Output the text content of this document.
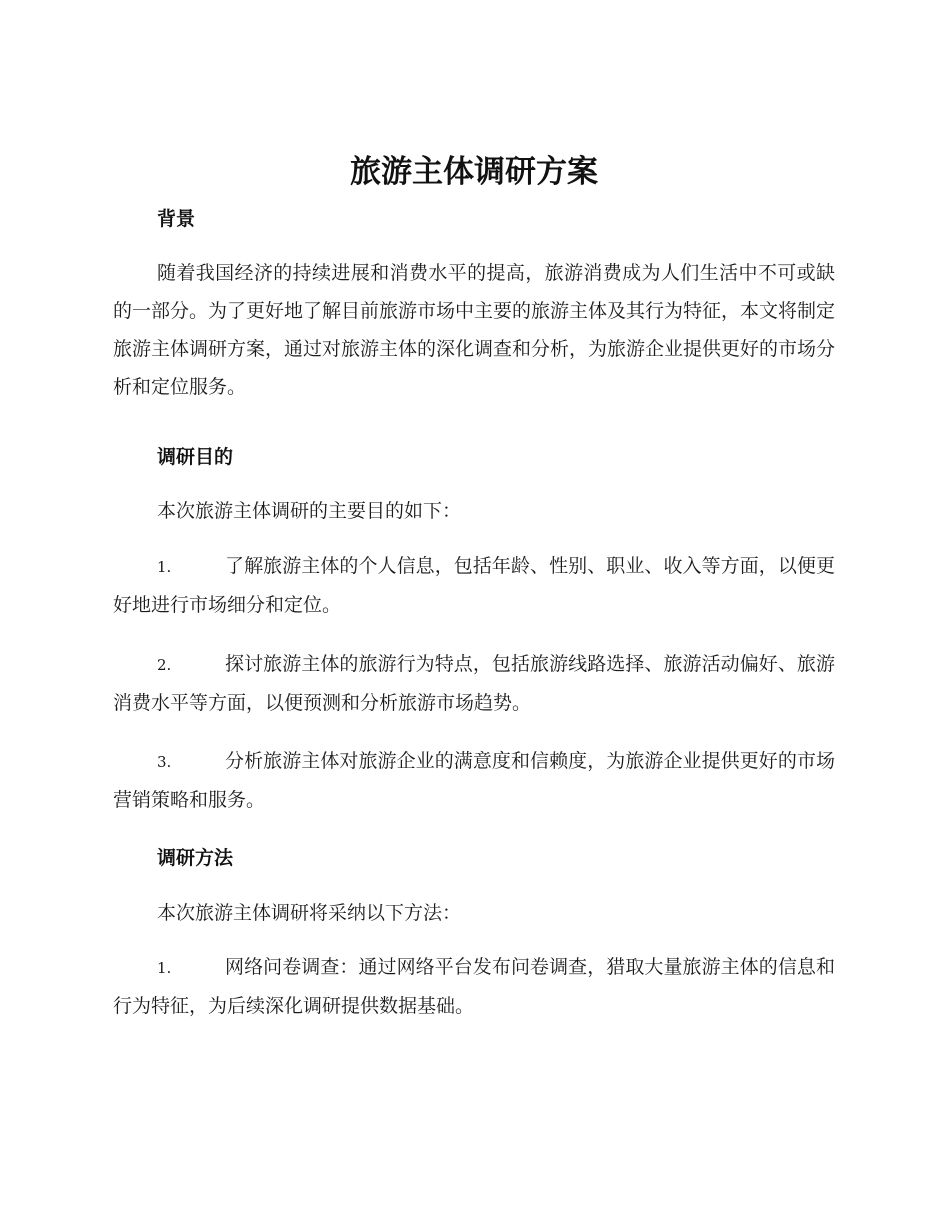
旅游主体调研方案
背景

随着我国经济的持续进展和消费水平的提高，旅游消费成为人们生活中不可或缺的一部分。为了更好地了解目前旅游市场中主要的旅游主体及其行为特征，本文将制定旅游主体调研方案，通过对旅游主体的深化调查和分析，为旅游企业提供更好的市场分析和定位服务。

调研目的

本次旅游主体调研的主要目的如下：

1.	了解旅游主体的个人信息，包括年龄、性别、职业、收入等方面，以便更好地进行市场细分和定位。

2.	探讨旅游主体的旅游行为特点，包括旅游线路选择、旅游活动偏好、旅游消费水平等方面，以便预测和分析旅游市场趋势。

3.	分析旅游主体对旅游企业的满意度和信赖度，为旅游企业提供更好的市场营销策略和服务。

调研方法

本次旅游主体调研将采纳以下方法：

1.	网络问卷调查：通过网络平台发布问卷调查，猎取大量旅游主体的信息和行为特征，为后续深化调研提供数据基础。
